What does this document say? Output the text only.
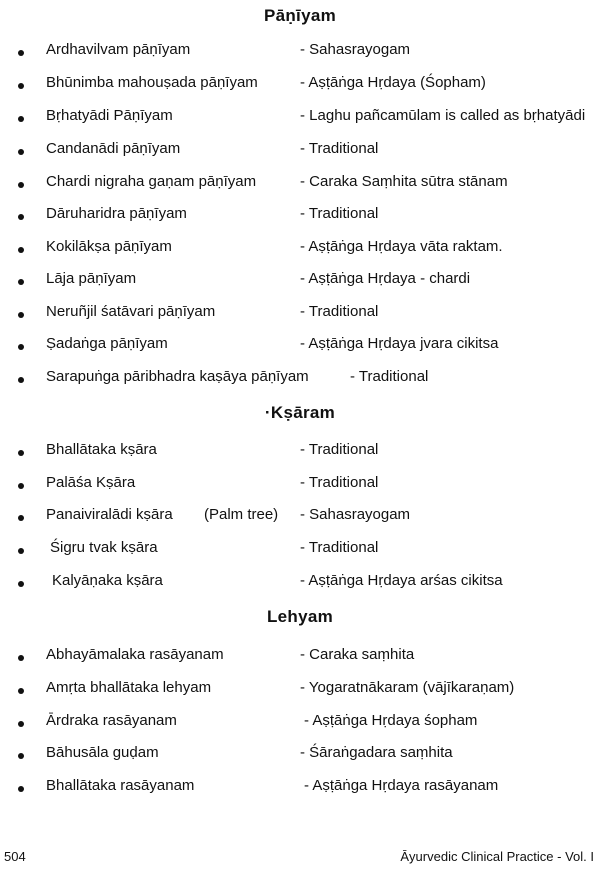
Pāṇīyam
Ardhavilvam pāṇīyam	- Sahasrayogam
Bhūnimba mahouṣada pāṇīyam	- Aṣṭāṅga Hṛdaya (Śopham)
Bṛhatyādi Pāṇīyam	- Laghu pañcamūlam is called as bṛhatyādi
Candanādi pāṇīyam	- Traditional
Chardi nigraha gaṇam pāṇīyam	- Caraka Saṃhita sūtra stānam
Dāruharidra pāṇīyam	- Traditional
Kokilākṣa pāṇīyam	- Aṣṭāṅga Hṛdaya vāta raktam.
Lāja pāṇīyam	- Aṣṭāṅga Hṛdaya - chardi
Neruñjil śatāvari pāṇīyam	- Traditional
Ṣadaṅga pāṇīyam	- Aṣṭāṅga Hṛdaya jvara cikitsa
Sarapuṅga pāribhadra kaṣāya pāṇīyam	- Traditional
·Kṣāram
Bhallātaka kṣāra	- Traditional
Palāśa Kṣāra	- Traditional
Panaiviralādi kṣāra (Palm tree) - Sahasrayogam
Śigru tvak kṣāra	- Traditional
Kalyāṇaka kṣāra	- Aṣṭāṅga Hṛdaya arśas cikitsa
Lehyam
Abhayāmalaka rasāyanam	- Caraka saṃhita
Amṛta bhallātaka lehyam	- Yogaratnākaram (vājīkaraṇam)
Ārdraka rasāyanam	- Aṣṭāṅga Hṛdaya śopham
Bāhusāla guḍam	- Śāraṅgadara saṃhita
Bhallātaka rasāyanam	- Aṣṭāṅga Hṛdaya rasāyanam
504	Āyurvedic Clinical Practice - Vol. I
